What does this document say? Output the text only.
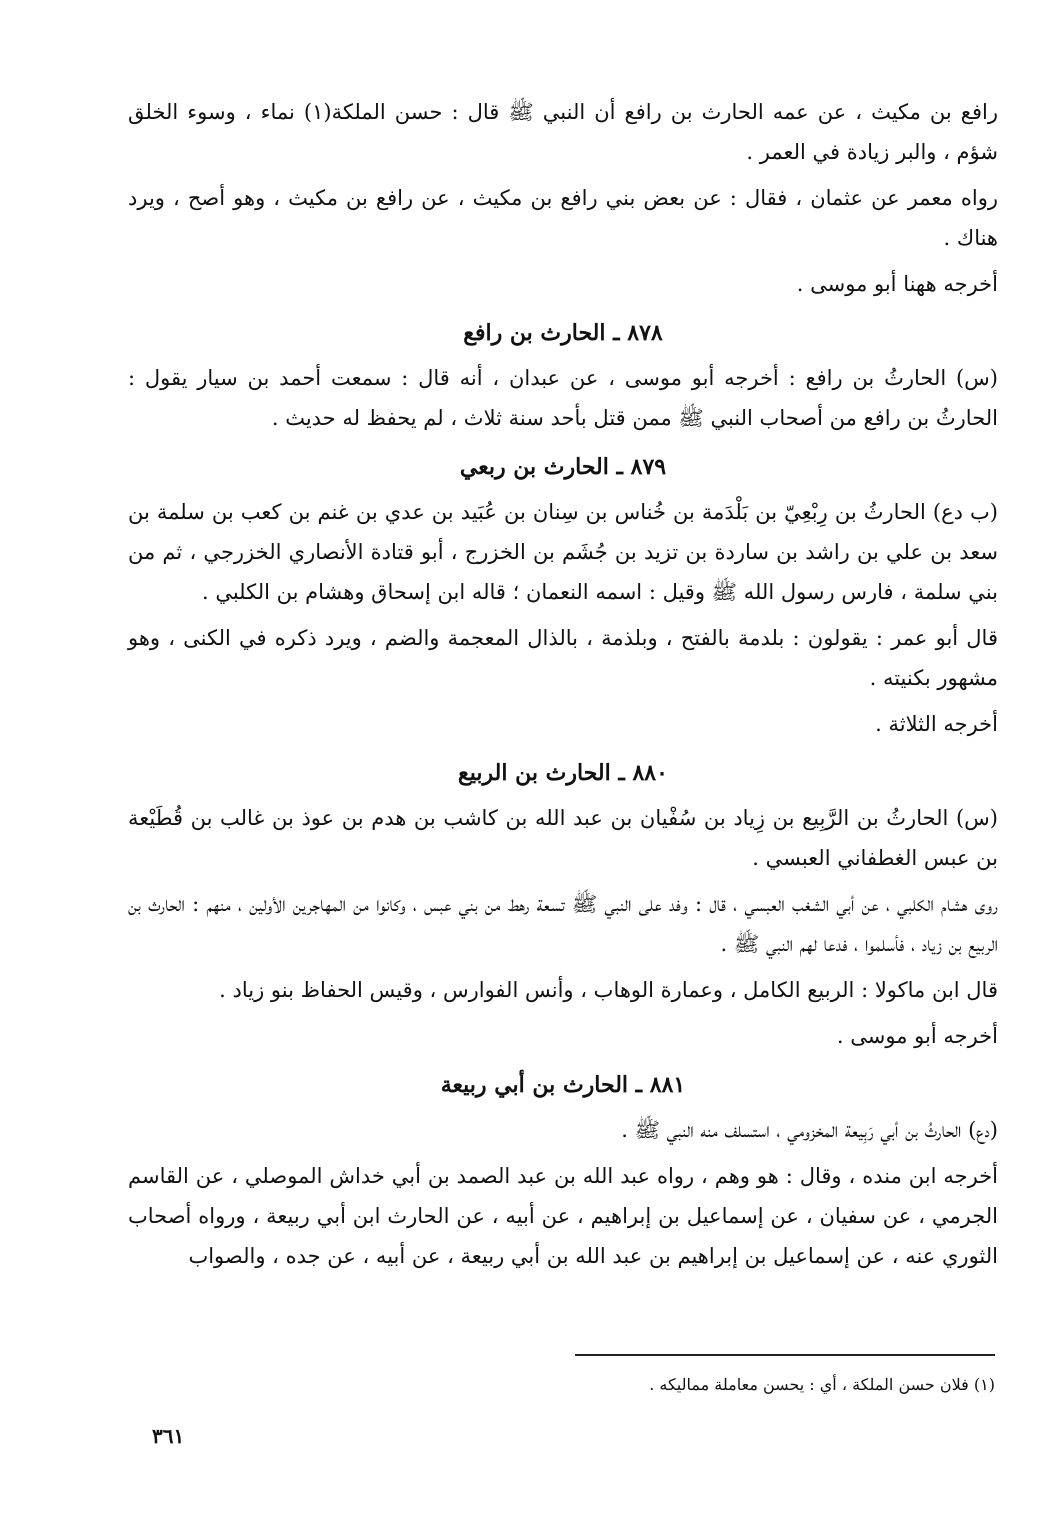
رافع بن مكيث ، عن عمه الحارث بن رافع أن النبي ﷺ قال : حسن الملكة(١) نماء ، وسوء الخلق شؤم ، والبر زيادة في العمر .

رواه معمر عن عثمان ، فقال : عن بعض بني رافع بن مكيث ، عن رافع بن مكيث ، وهو أصح ، ويرد هناك .

أخرجه ههنا أبو موسى .

٨٧٨ ـ الحارث بن رافع

(س) الحارثُ بن رافع : أخرجه أبو موسى ، عن عبدان ، أنه قال : سمعت أحمد بن سيار يقول : الحارثُ بن رافع من أصحاب النبي ﷺ ممن قتل بأحد سنة ثلاث ، لم يحفظ له حديث .

٨٧٩ ـ الحارث بن ربعي

(ب دع) الحارثُ بن رِبْعِيّ بن بَلْدَمة بن خُناس بن سِنان بن عُبَيد بن عدي بن غنم بن كعب بن سلمة بن سعد بن علي بن راشد بن ساردة بن تزيد بن جُشَم بن الخزرج ، أبو قتادة الأنصاري الخزرجي ، ثم من بني سلمة ، فارس رسول الله ﷺ وقيل : اسمه النعمان ؛ قاله ابن إسحاق وهشام بن الكلبي .

قال أبو عمر : يقولون : بلدمة بالفتح ، وبلذمة ، بالذال المعجمة والضم ، ويرد ذكره في الكنى ، وهو مشهور بكنيته .

أخرجه الثلاثة .

٨٨٠ ـ الحارث بن الربيع

(س) الحارثُ بن الرَّبِيع بن زِياد بن سُفْيان بن عبد الله بن كاشب بن هدم بن عوذ بن غالب بن قُطَيْعة بن عبس الغطفاني العبسي .

روى هشام الكلبي ، عن أبي الشغب العبسي ، قال : وفد على النبي ﷺ تسعة رهط من بني عبس ، وكانوا من المهاجرين الأولين ، منهم : الحارث بن الربيع بن زياد ، فأسلموا ، فدعا لهم النبي ﷺ .

قال ابن ماكولا : الربيع الكامل ، وعمارة الوهاب ، وأنس الفوارس ، وقيس الحفاظ بنو زياد .

أخرجه أبو موسى .

٨٨١ ـ الحارث بن أبي ربيعة

(دع) الحارثُ بن أبي رَبِيعة المخزومي ، استسلف منه النبي ﷺ .

أخرجه ابن منده ، وقال : هو وهم ، رواه عبد الله بن عبد الصمد بن أبي خداش الموصلي ، عن القاسم الجرمي ، عن سفيان ، عن إسماعيل بن إبراهيم ، عن أبيه ، عن الحارث ابن أبي ربيعة ، ورواه أصحاب الثوري عنه ، عن إسماعيل بن إبراهيم بن عبد الله بن أبي ربيعة ، عن أبيه ، عن جده ، والصواب

(١) فلان حسن الملكة ، أي : يحسن معاملة مماليكه .
٣٦١
